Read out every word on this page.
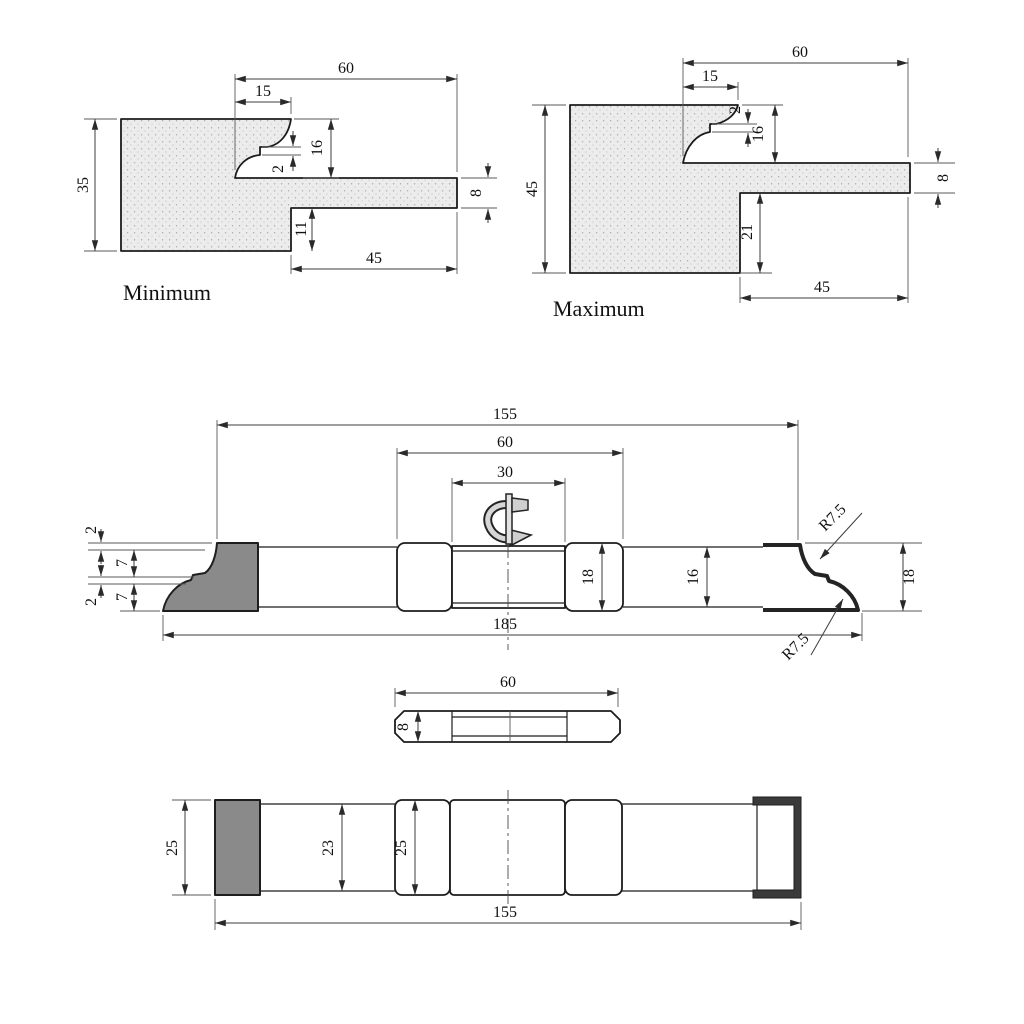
60
15
35
16
2
8
11
45
Minimum
60
15
45
16
2
8
21
45
Maximum
155
60
30
185
2
7
2
7
18	16	18
R7.5
R7.5
60
8
25	23	25
155
